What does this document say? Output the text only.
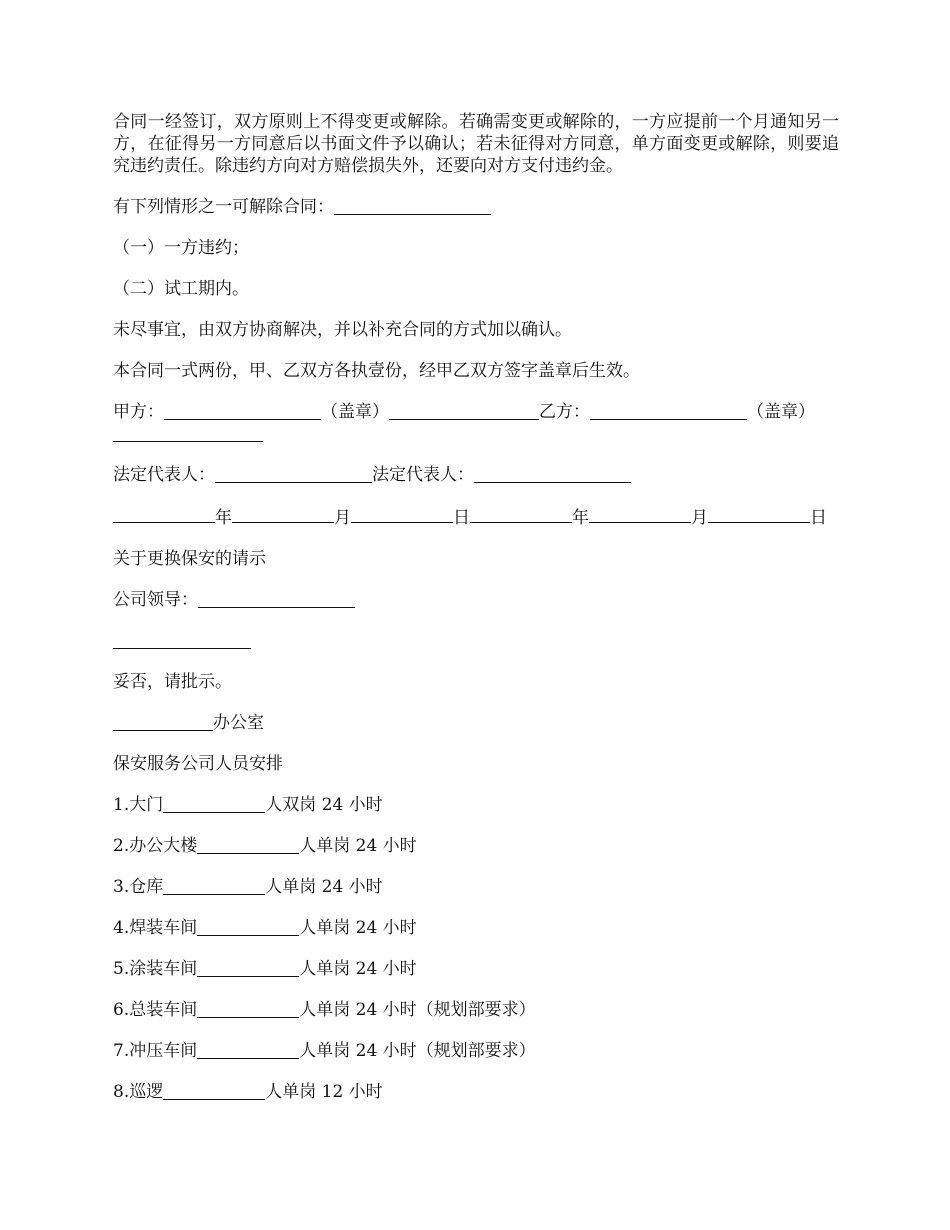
合同一经签订，双方原则上不得变更或解除。若确需变更或解除的，一方应提前一个月通知另一方，在征得另一方同意后以书面文件予以确认；若未征得对方同意，单方面变更或解除，则要追究违约责任。除违约方向对方赔偿损失外，还要向对方支付违约金。

有下列情形之一可解除合同：

（一）一方违约；

（二）试工期内。

未尽事宜，由双方协商解决，并以补充合同的方式加以确认。

本合同一式两份，甲、乙双方各执壹份，经甲乙双方签字盖章后生效。

甲方：	（盖章）	乙方：	（盖章）

法定代表人：	法定代表人：

年	月	日	年	月	日

关于更换保安的请示

公司领导：

妥否，请批示。

办公室

保安服务公司人员安排

1.大门	人双岗 24 小时

2.办公大楼	人单岗 24 小时

3.仓库	人单岗 24 小时

4.焊装车间	人单岗 24 小时

5.涂装车间	人单岗 24 小时

6.总装车间	人单岗 24 小时（规划部要求）

7.冲压车间	人单岗 24 小时（规划部要求）

8.巡逻	人单岗 12 小时
